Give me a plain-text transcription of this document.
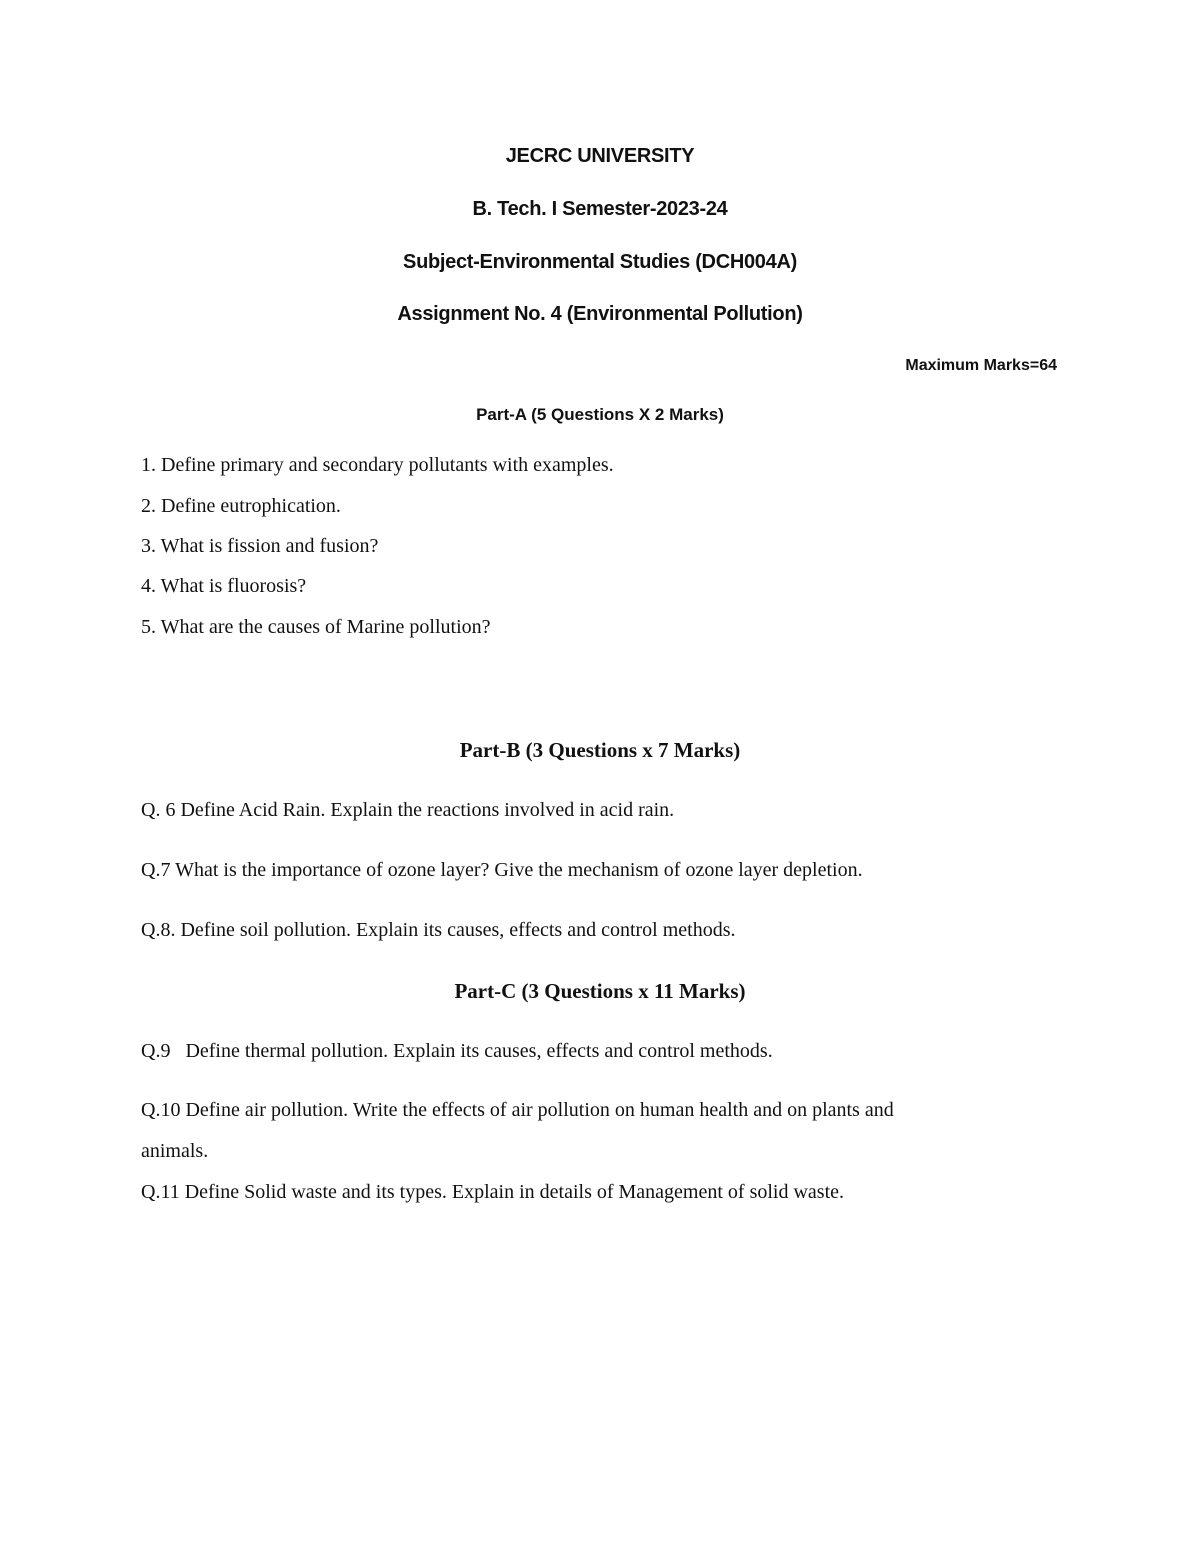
JECRC UNIVERSITY
B. Tech. I Semester-2023-24
Subject-Environmental Studies (DCH004A)
Assignment No. 4 (Environmental Pollution)
Maximum Marks=64
Part-A (5 Questions X 2 Marks)
1. Define primary and secondary pollutants with examples.
2. Define eutrophication.
3. What is fission and fusion?
4. What is fluorosis?
5. What are the causes of Marine pollution?
Part-B (3 Questions x 7 Marks)
Q. 6 Define Acid Rain. Explain the reactions involved in acid rain.
Q.7 What is the importance of ozone layer? Give the mechanism of ozone layer depletion.
Q.8. Define soil pollution. Explain its causes, effects and control methods.
Part-C (3 Questions x 11 Marks)
Q.9   Define thermal pollution. Explain its causes, effects and control methods.
Q.10 Define air pollution. Write the effects of air pollution on human health and on plants and
animals.
Q.11 Define Solid waste and its types. Explain in details of Management of solid waste.
